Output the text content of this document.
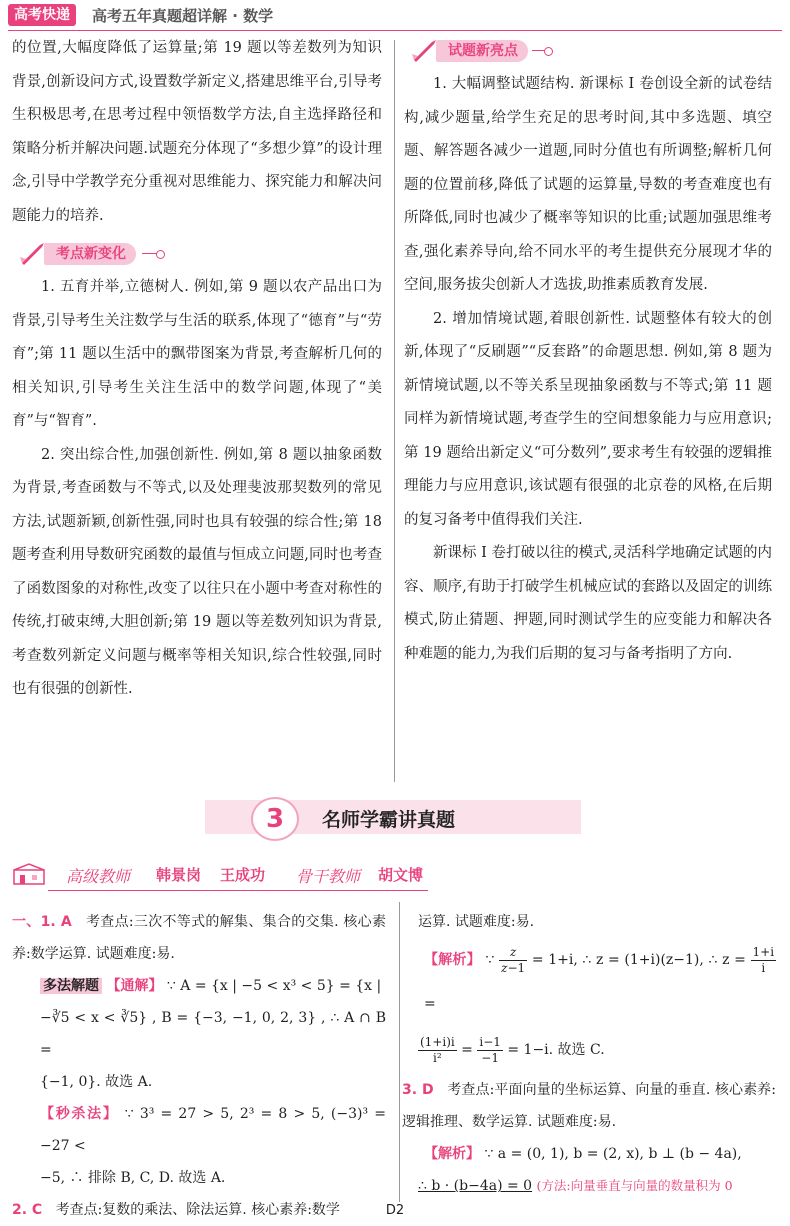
高考快递	高考五年真题超详解 · 数学

的位置,大幅度降低了运算量;第 19 题以等差数列为知识背景,创新设问方式,设置数学新定义,搭建思维平台,引导考生积极思考,在思考过程中领悟数学方法,自主选择路径和策略分析并解决问题.试题充分体现了“多想少算”的设计理念,引导中学教学充分重视对思维能力、探究能力和解决问题能力的培养.

考点新变化

1. 五育并举,立德树人. 例如,第 9 题以农产品出口为背景,引导考生关注数学与生活的联系,体现了“德育”与“劳育”;第 11 题以生活中的飘带图案为背景,考查解析几何的相关知识,引导考生关注生活中的数学问题,体现了“美育”与“智育”.

2. 突出综合性,加强创新性. 例如,第 8 题以抽象函数为背景,考查函数与不等式,以及处理斐波那契数列的常见方法,试题新颖,创新性强,同时也具有较强的综合性;第 18 题考查利用导数研究函数的最值与恒成立问题,同时也考查了函数图象的对称性,改变了以往只在小题中考查对称性的传统,打破束缚,大胆创新;第 19 题以等差数列知识为背景,考查数列新定义问题与概率等相关知识,综合性较强,同时也有很强的创新性.

试题新亮点

1. 大幅调整试题结构. 新课标 Ⅰ 卷创设全新的试卷结构,减少题量,给学生充足的思考时间,其中多选题、填空题、解答题各减少一道题,同时分值也有所调整;解析几何题的位置前移,降低了试题的运算量,导数的考查难度也有所降低,同时也减少了概率等知识的比重;试题加强思维考查,强化素养导向,给不同水平的考生提供充分展现才华的空间,服务拔尖创新人才选拔,助推素质教育发展.

2. 增加情境试题,着眼创新性. 试题整体有较大的创新,体现了“反刷题”“反套路”的命题思想. 例如,第 8 题为新情境试题,以不等关系呈现抽象函数与不等式;第 11 题同样为新情境试题,考查学生的空间想象能力与应用意识;第 19 题给出新定义“可分数列”,要求考生有较强的逻辑推理能力与应用意识,该试题有很强的北京卷的风格,在后期的复习备考中值得我们关注.

新课标 Ⅰ 卷打破以往的模式,灵活科学地确定试题的内容、顺序,有助于打破学生机械应试的套路以及固定的训练模式,防止猜题、押题,同时测试学生的应变能力和解决各种难题的能力,为我们后期的复习与备考指明了方向.

3	名师学霸讲真题
高级教师 韩景岗 王成功 骨干教师 胡文博

一、1. A 考查点:三次不等式的解集、集合的交集. 核心素养:数学运算. 试题难度:易.

多法解题 【通解】 ∵ A = {x | −5 < x³ < 5} = {x |

−∛5 < x < ∛5} , B = {−3, −1, 0, 2, 3} , ∴ A ∩ B =

{−1, 0}. 故选 A.

【秒杀法】 ∵ 3³ = 27 > 5, 2³ = 8 > 5, (−3)³ = −27 <

−5, ∴ 排除 B, C, D. 故选 A.

2. C 考查点:复数的乘法、除法运算. 核心素养:数学

运算. 试题难度:易.

【解析】 ∵ $\frac{z}{z-1} = 1+i$, ∴ z = (1+i)(z−1), ∴ $z = \frac{1+i}{i}$
=

$\frac{(1+i)i}{\text{i²}} = \frac{i-1}{-1} = 1-i$. 故选 C.

3. D 考查点:平面向量的坐标运算、向量的垂直. 核心素养:逻辑推理、数学运算. 试题难度:易.

【解析】 ∵ a = (0, 1), b = (2, x), b ⊥ (b − 4a),

∴ b · (b−4a) = 0 (方法:向量垂直与向量的数量积为 0

D2
